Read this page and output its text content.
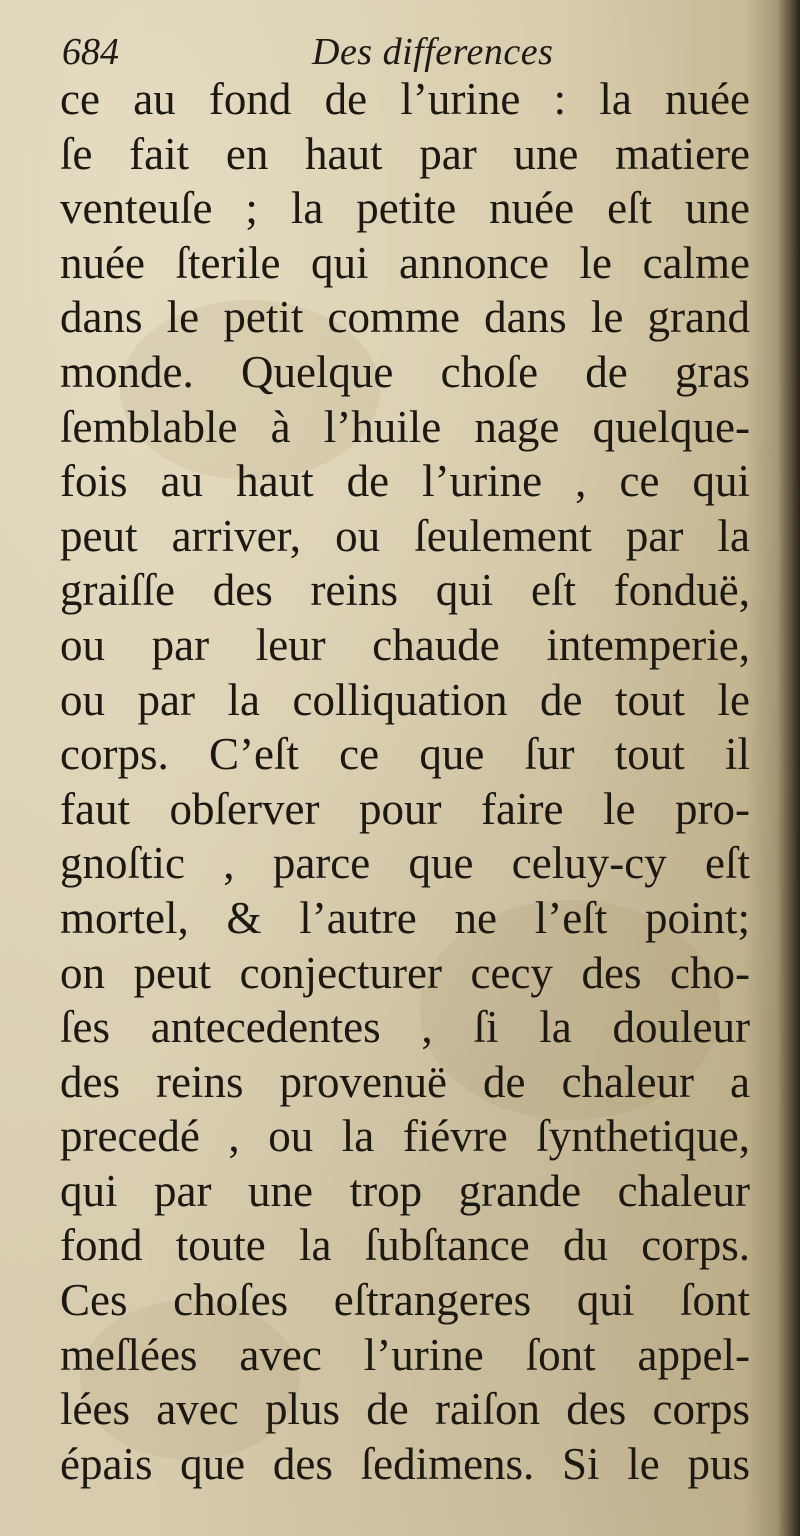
684	Des differences
ce au fond de l’urine : la nuée
ſe fait en haut par une matiere
venteuſe ; la petite nuée eſt une
nuée ſterile qui annonce le calme
dans le petit comme dans le grand
monde. Quelque choſe de gras
ſemblable à l’huile nage quelque-
fois au haut de l’urine , ce qui
peut arriver, ou ſeulement par la
graiſſe des reins qui eſt fonduë,
ou par leur chaude intemperie,
ou par la colliquation de tout le
corps. C’eſt ce que ſur tout il
faut obſerver pour faire le pro-
gnoſtic , parce que celuy-cy eſt
mortel, & l’autre ne l’eſt point;
on peut conjecturer cecy des cho-
ſes antecedentes , ſi la douleur
des reins provenuë de chaleur a
precedé , ou la fiévre ſynthetique,
qui par une trop grande chaleur
fond toute la ſubſtance du corps.
Ces choſes eſtrangeres qui ſont
meſlées avec l’urine ſont appel-
lées avec plus de raiſon des corps
épais que des ſedimens. Si le pus
